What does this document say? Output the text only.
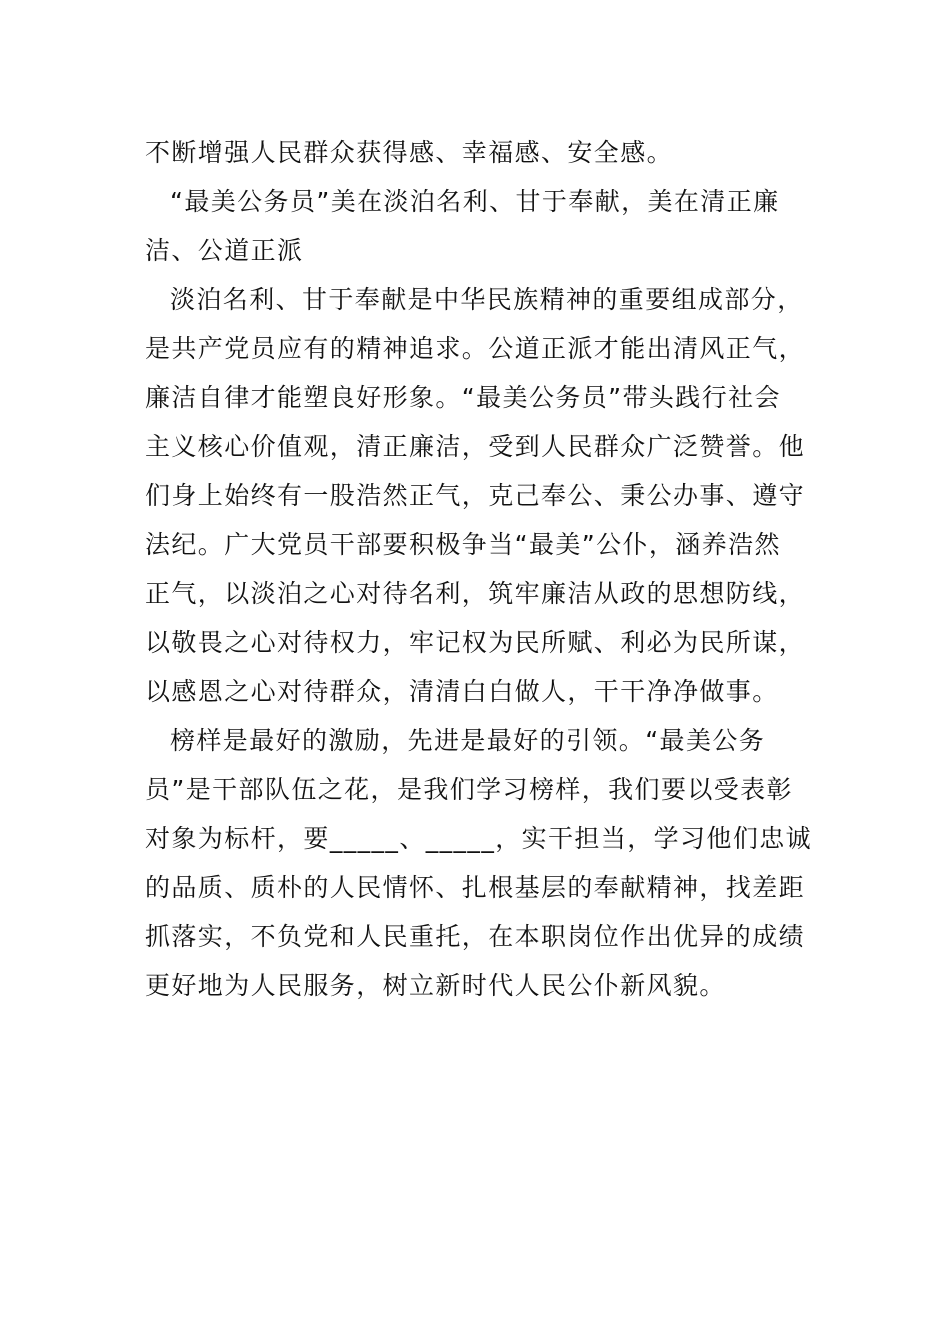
不断增强人民群众获得感、幸福感、安全感。
“最美公务员”美在淡泊名利、甘于奉献，美在清正廉
洁、公道正派
淡泊名利、甘于奉献是中华民族精神的重要组成部分，
是共产党员应有的精神追求。公道正派才能出清风正气，
廉洁自律才能塑良好形象。“最美公务员”带头践行社会
主义核心价值观，清正廉洁，受到人民群众广泛赞誉。他
们身上始终有一股浩然正气，克己奉公、秉公办事、遵守
法纪。广大党员干部要积极争当“最美”公仆，涵养浩然
正气，以淡泊之心对待名利，筑牢廉洁从政的思想防线，
以敬畏之心对待权力，牢记权为民所赋、利必为民所谋，
以感恩之心对待群众，清清白白做人，干干净净做事。
榜样是最好的激励，先进是最好的引领。“最美公务
员”是干部队伍之花，是我们学习榜样，我们要以受表彰
对象为标杆，要_____、_____，实干担当，学习他们忠诚
的品质、质朴的人民情怀、扎根基层的奉献精神，找差距
抓落实，不负党和人民重托，在本职岗位作出优异的成绩
更好地为人民服务，树立新时代人民公仆新风貌。
